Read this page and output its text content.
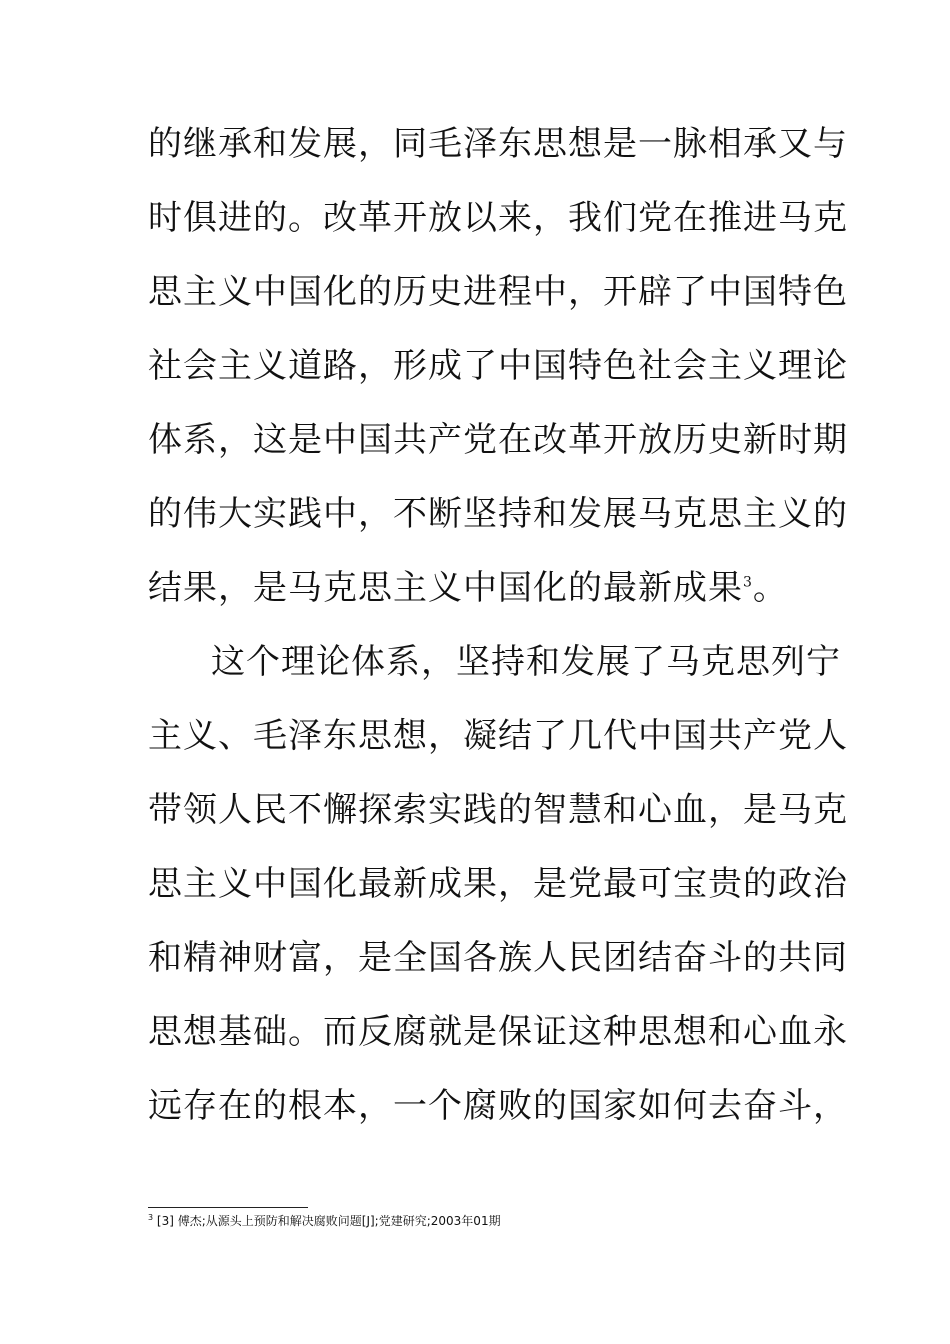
的继承和发展，同毛泽东思想是一脉相承又与
时俱进的。改革开放以来，我们党在推进马克
思主义中国化的历史进程中，开辟了中国特色
社会主义道路，形成了中国特色社会主义理论
体系，这是中国共产党在改革开放历史新时期
的伟大实践中，不断坚持和发展马克思主义的
结果，是马克思主义中国化的最新成果$^3$。
这个理论体系，坚持和发展了马克思列宁
主义、毛泽东思想，凝结了几代中国共产党人
带领人民不懈探索实践的智慧和心血，是马克
思主义中国化最新成果，是党最可宝贵的政治
和精神财富，是全国各族人民团结奋斗的共同
思想基础。而反腐就是保证这种思想和心血永
远存在的根本，一个腐败的国家如何去奋斗，
$^3$ [3] 傅杰;从源头上预防和解决腐败问题[J];党建研究;2003年01期
